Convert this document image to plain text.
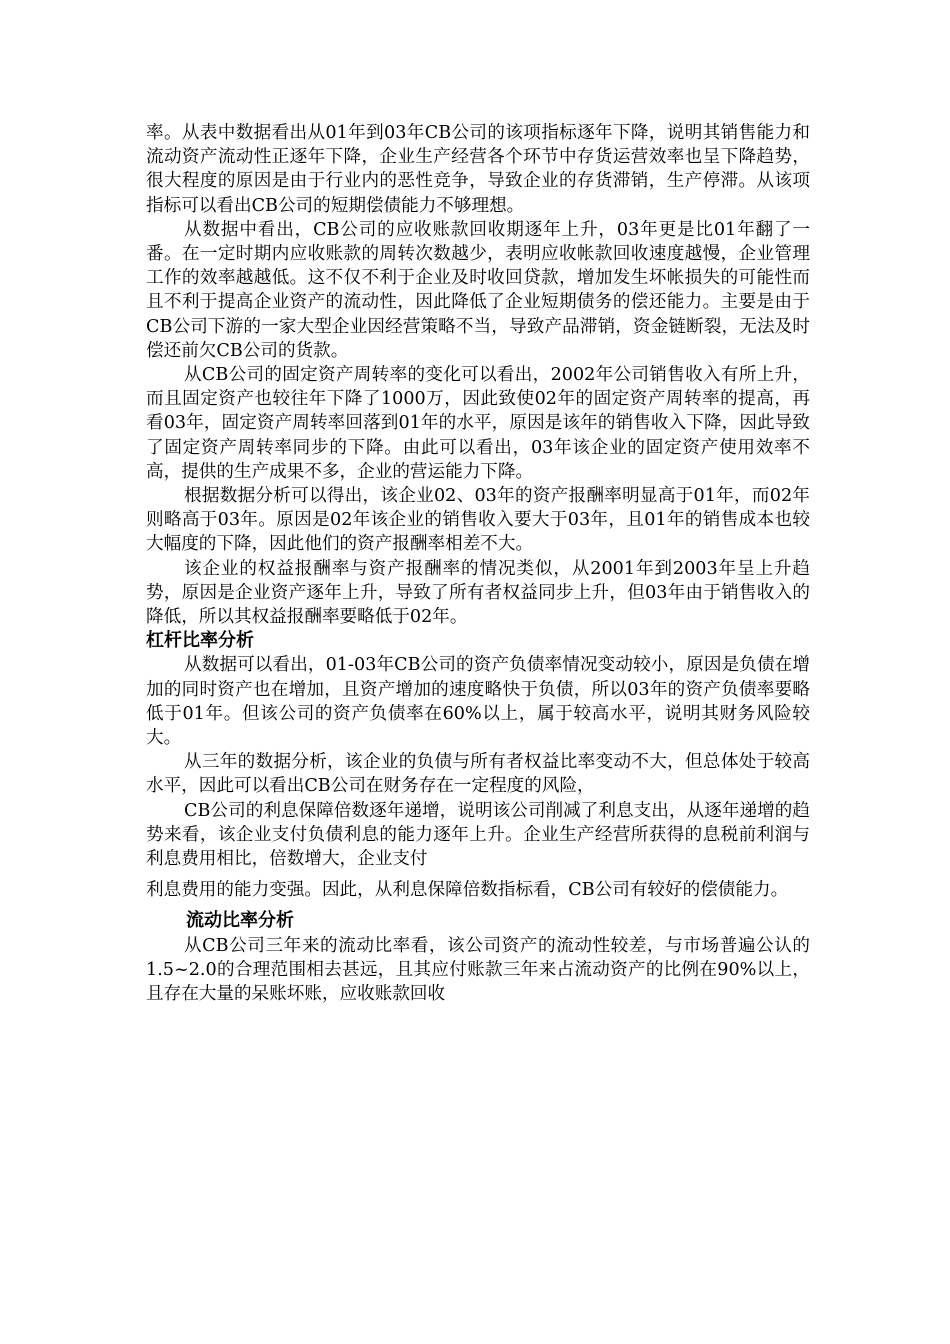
率。从表中数据看出从01年到03年CB公司的该项指标逐年下降，说明其销售能力和流动资产流动性正逐年下降，企业生产经营各个环节中存货运营效率也呈下降趋势，很大程度的原因是由于行业内的恶性竞争，导致企业的存货滞销，生产停滞。从该项指标可以看出CB公司的短期偿债能力不够理想。

从数据中看出，CB公司的应收账款回收期逐年上升，03年更是比01年翻了一番。在一定时期内应收账款的周转次数越少，表明应收帐款回收速度越慢，企业管理工作的效率越越低。这不仅不利于企业及时收回贷款，增加发生坏帐损失的可能性而且不利于提高企业资产的流动性，因此降低了企业短期债务的偿还能力。主要是由于CB公司下游的一家大型企业因经营策略不当，导致产品滞销，资金链断裂，无法及时偿还前欠CB公司的货款。

从CB公司的固定资产周转率的变化可以看出，2002年公司销售收入有所上升，而且固定资产也较往年下降了1000万，因此致使02年的固定资产周转率的提高，再看03年，固定资产周转率回落到01年的水平，原因是该年的销售收入下降，因此导致了固定资产周转率同步的下降。由此可以看出，03年该企业的固定资产使用效率不高，提供的生产成果不多，企业的营运能力下降。

根据数据分析可以得出，该企业02、03年的资产报酬率明显高于01年，而02年则略高于03年。原因是02年该企业的销售收入要大于03年，且01年的销售成本也较大幅度的下降，因此他们的资产报酬率相差不大。

该企业的权益报酬率与资产报酬率的情况类似，从2001年到2003年呈上升趋势，原因是企业资产逐年上升，导致了所有者权益同步上升，但03年由于销售收入的降低，所以其权益报酬率要略低于02年。

杠杆比率分析

从数据可以看出，01-03年CB公司的资产负债率情况变动较小，原因是负债在增加的同时资产也在增加，且资产增加的速度略快于负债，所以03年的资产负债率要略低于01年。但该公司的资产负债率在60%以上，属于较高水平，说明其财务风险较大。

从三年的数据分析，该企业的负债与所有者权益比率变动不大，但总体处于较高水平，因此可以看出CB公司在财务存在一定程度的风险，

CB公司的利息保障倍数逐年递增，说明该公司削减了利息支出，从逐年递增的趋势来看，该企业支付负债利息的能力逐年上升。企业生产经营所获得的息税前利润与利息费用相比，倍数增大，企业支付

利息费用的能力变强。因此，从利息保障倍数指标看，CB公司有较好的偿债能力。

流动比率分析

从CB公司三年来的流动比率看，该公司资产的流动性较差，与市场普遍公认的1.5~2.0的合理范围相去甚远，且其应付账款三年来占流动资产的比例在90%以上，且存在大量的呆账坏账，应收账款回收
